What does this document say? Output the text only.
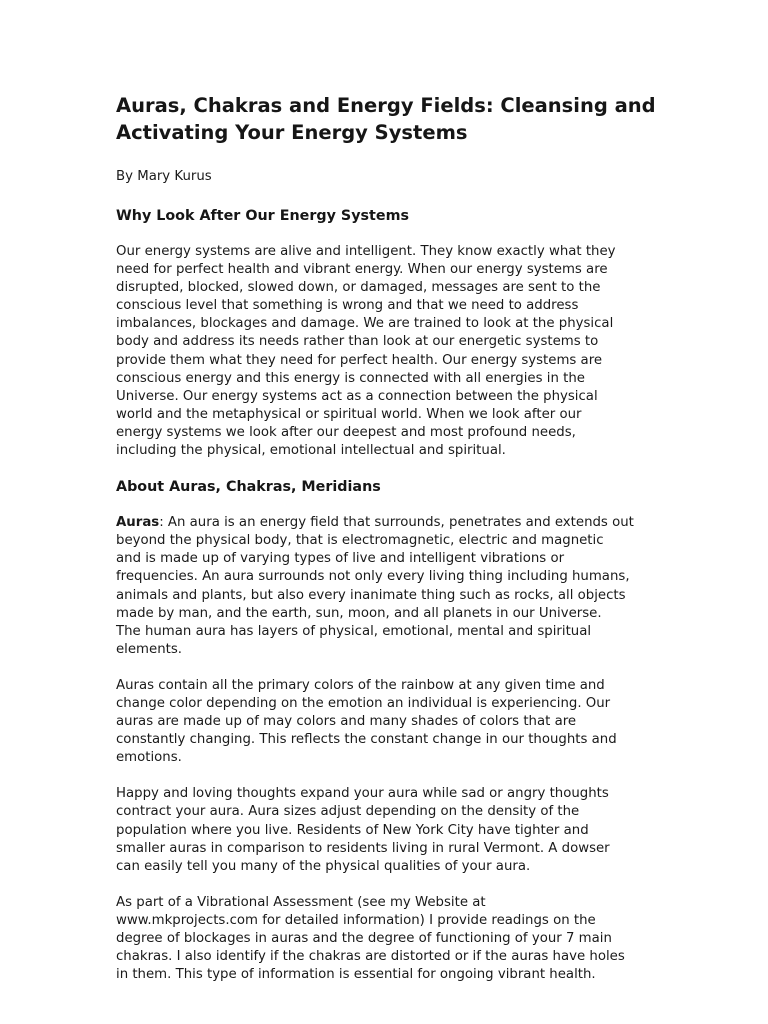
Auras, Chakras and Energy Fields: Cleansing and
Activating Your Energy Systems
By Mary Kurus
Why Look After Our Energy Systems
Our energy systems are alive and intelligent. They know exactly what they
need for perfect health and vibrant energy. When our energy systems are
disrupted, blocked, slowed down, or damaged, messages are sent to the
conscious level that something is wrong and that we need to address
imbalances, blockages and damage. We are trained to look at the physical
body and address its needs rather than look at our energetic systems to
provide them what they need for perfect health. Our energy systems are
conscious energy and this energy is connected with all energies in the
Universe. Our energy systems act as a connection between the physical
world and the metaphysical or spiritual world. When we look after our
energy systems we look after our deepest and most profound needs,
including the physical, emotional intellectual and spiritual.
About Auras, Chakras, Meridians
Auras: An aura is an energy field that surrounds, penetrates and extends out
beyond the physical body, that is electromagnetic, electric and magnetic
and is made up of varying types of live and intelligent vibrations or
frequencies. An aura surrounds not only every living thing including humans,
animals and plants, but also every inanimate thing such as rocks, all objects
made by man, and the earth, sun, moon, and all planets in our Universe.
The human aura has layers of physical, emotional, mental and spiritual
elements.
Auras contain all the primary colors of the rainbow at any given time and
change color depending on the emotion an individual is experiencing. Our
auras are made up of may colors and many shades of colors that are
constantly changing. This reflects the constant change in our thoughts and
emotions.
Happy and loving thoughts expand your aura while sad or angry thoughts
contract your aura. Aura sizes adjust depending on the density of the
population where you live. Residents of New York City have tighter and
smaller auras in comparison to residents living in rural Vermont. A dowser
can easily tell you many of the physical qualities of your aura.
As part of a Vibrational Assessment (see my Website at
www.mkprojects.com for detailed information) I provide readings on the
degree of blockages in auras and the degree of functioning of your 7 main
chakras. I also identify if the chakras are distorted or if the auras have holes
in them. This type of information is essential for ongoing vibrant health.
